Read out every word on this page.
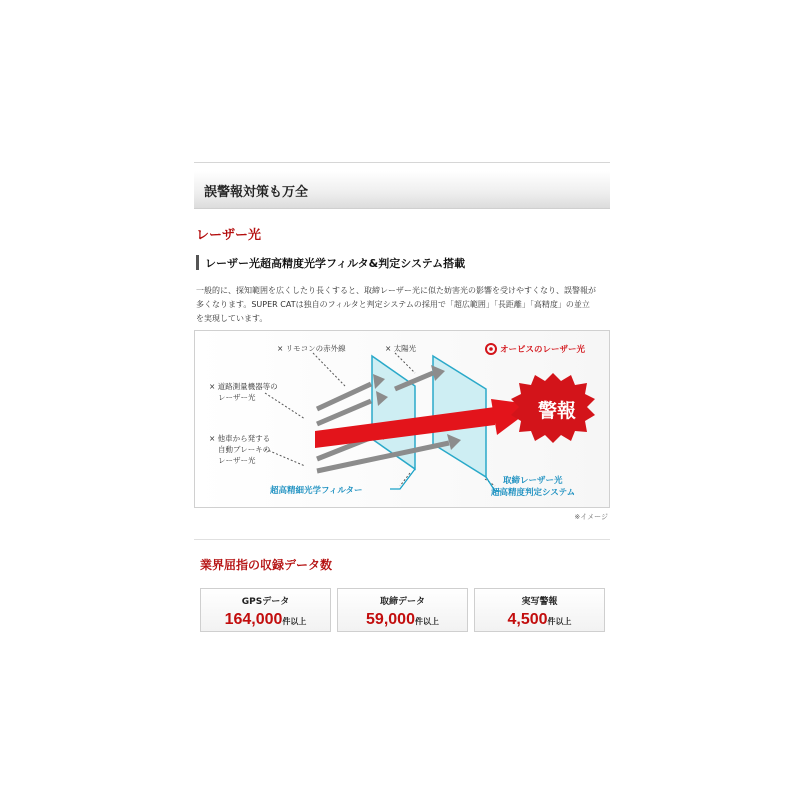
誤警報対策も万全
レーザー光
レーザー光超高精度光学フィルタ&判定システム搭載
一般的に、探知範囲を広くしたり長くすると、取締レーザー光に似た妨害光の影響を受けやすくなり、誤警報が
多くなります。SUPER CATは独自のフィルタと判定システムの採用で「超広範囲」「長距離」「高精度」の並立
を実現しています。
× リモコンの赤外線	× 太陽光	オービスのレーザー光
× 道路測量機器等の
レーザー光
× 他車から発する
自動ブレーキの
レーザー光
警報
超高精細光学フィルター
取締レーザー光
超高精度判定システム
※イメージ
業界屈指の収録データ数
GPSデータ
164,000件以上
取締データ
59,000件以上
実写警報
4,500件以上
